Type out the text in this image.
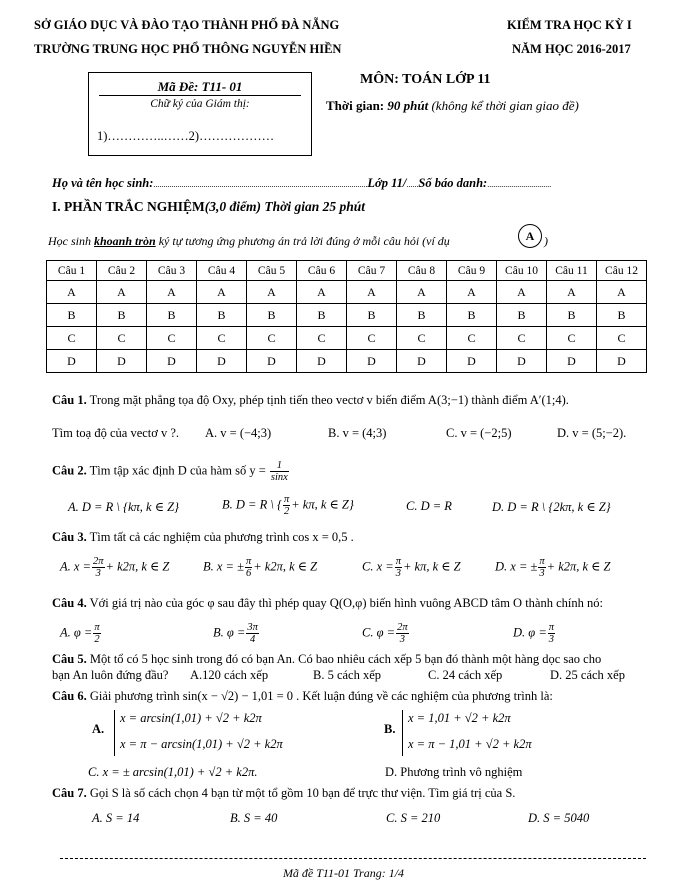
SỞ GIÁO DỤC VÀ ĐÀO TẠO THÀNH PHỐ ĐÀ NẴNG
TRƯỜNG TRUNG HỌC PHỔ THÔNG NGUYỄN HIỀN
KIỂM TRA HỌC KỲ I
NĂM HỌC 2016-2017
Mã Đề: T11- 01
Chữ ký của Giám thị:
1)…………..……2)………………
MÔN: TOÁN LỚP 11
Thời gian: 90 phút (không kể thời gian giao đề)
Họ và tên học sinh:...........................................................................................................Lớp 11/......Số báo danh:................................
I. PHẦN TRẮC NGHIỆM(3,0 điểm) Thời gian 25 phút
Học sinh khoanh tròn ký tự tương ứng phương án trả lời đúng ở mỗi câu hỏi (ví dụ	A )
Câu 1	Câu 2	Câu 3	Câu 4	Câu 5	Câu 6	Câu 7	Câu 8	Câu 9	Câu 10	Câu 11	Câu 12
A	A	A	A	A	A	A	A	A	A	A	A
B	B	B	B	B	B	B	B	B	B	B	B
C	C	C	C	C	C	C	C	C	C	C	C
D	D	D	D	D	D	D	D	D	D	D	D
Câu 1. Trong mặt phẳng tọa độ Oxy, phép tịnh tiến theo vectơ v biến điểm A(3;−1) thành điểm A′(1;4).
Tìm toạ độ của vectơ v ?. A. v = (−4;3)	B. v = (4;3)	C. v = (−2;5)	D. v = (5;−2).
Câu 2. Tìm tập xác định D của hàm số $y = \frac{1}{\sin x}$
A. D = R \ {kπ, k ∈ Z}	B. D = R \ { $\frac{\pi}{2} + k\pi$, k ∈ Z}	C. D = R	D. D = R \ {2kπ, k ∈ Z}
Câu 3. Tìm tất cả các nghiệm của phương trình cos x = 0,5 .
A. $x = \frac{2\pi}{3} + k2\pi$, k ∈ Z	B. x = ± $\frac{\pi}{6} + k2\pi$, k ∈ Z	C. $x = \frac{\pi}{3} + k\pi$, k ∈ Z	D. x = ± $\frac{\pi}{3} + k2\pi$, k ∈ Z
Câu 4. Với giá trị nào của góc φ sau đây thì phép quay Q(O,φ) biến hình vuông ABCD tâm O thành chính nó:
A. $\varphi = \frac{\pi}{2}$	B. $\varphi = \frac{3\pi}{4}$	C. $\varphi = \frac{2\pi}{3}$	D. $\varphi = \frac{\pi}{3}$
Câu 5. Một tổ có 5 học sinh trong đó có bạn An. Có bao nhiêu cách xếp 5 bạn đó thành một hàng dọc sao cho
bạn An luôn đứng đầu? A.120 cách xếp	B. 5 cách xếp	C. 24 cách xếp	D. 25 cách xếp
Câu 6. Giải phương trình sin(x − √2) − 1,01 = 0 . Kết luận đúng về các nghiệm của phương trình là:
A.
x = arcsin(1,01) + √2 + k2π
x = π − arcsin(1,01) + √2 + k2π
B.
x = 1,01 + √2 + k2π
x = π − 1,01 + √2 + k2π
C. x = ± arcsin(1,01) + √2 + k2π.	D. Phương trình vô nghiệm
Câu 7. Gọi S là số cách chọn 4 bạn từ một tổ gồm 10 bạn để trực thư viện. Tìm giá trị của S.
A. S = 14	B. S = 40	C. S = 210	D. S = 5040
Mã đề T11-01 Trang: 1/4
